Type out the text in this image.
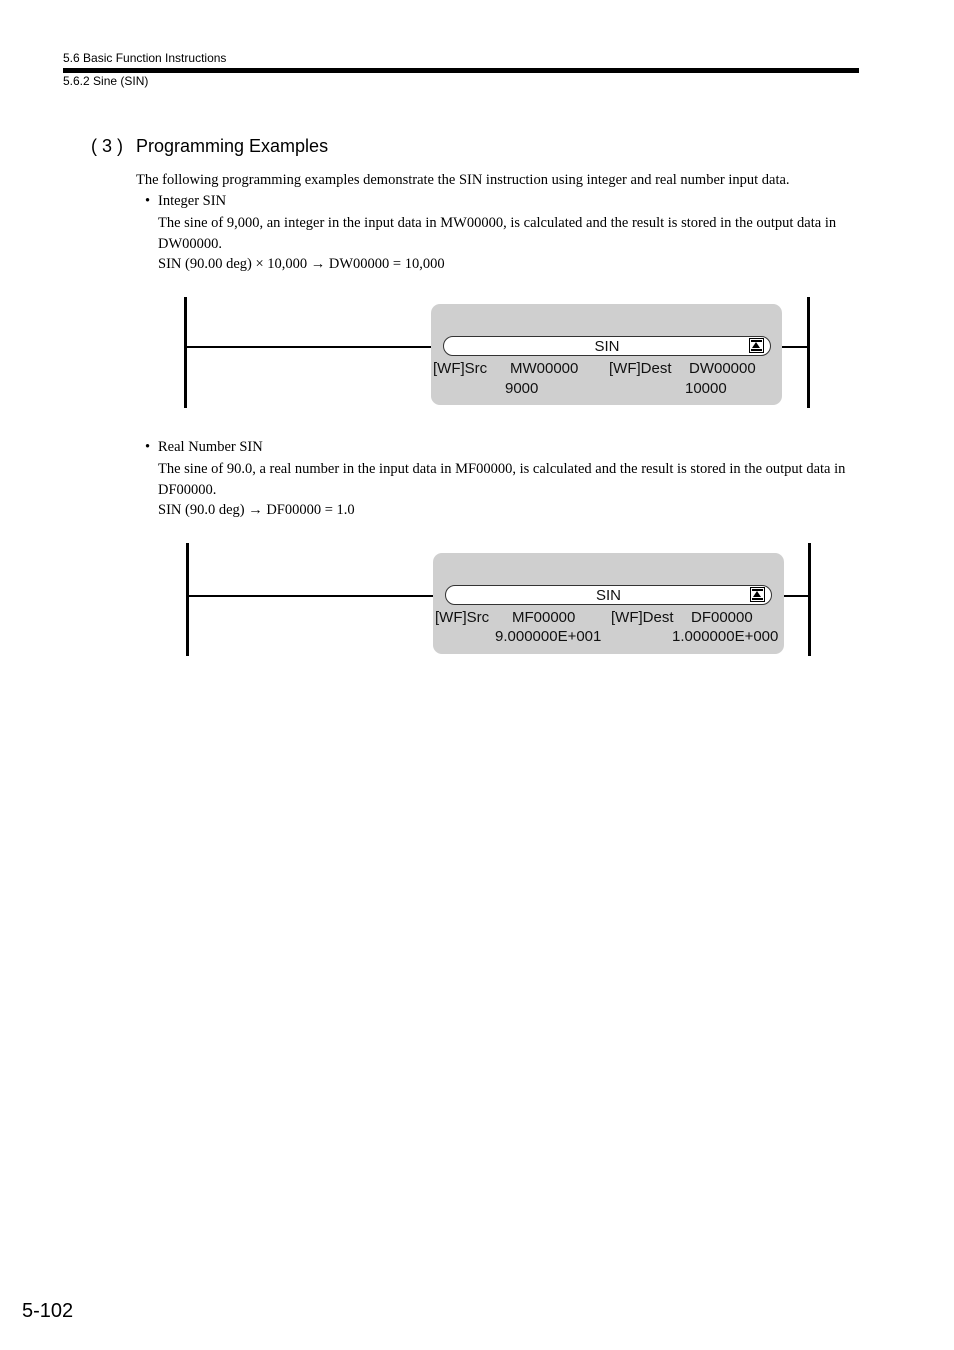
5.6 Basic Function Instructions
5.6.2 Sine (SIN)
( 3 ) Programming Examples
The following programming examples demonstrate the SIN instruction using integer and real number input data.
• Integer SIN
The sine of 9,000, an integer in the input data in MW00000, is calculated and the result is stored in the output data in DW00000.
SIN (90.00 deg) × 10,000 → DW00000 = 10,000
SIN
[WF]Src MW00000 [WF]Dest DW00000
9000	10000
• Real Number SIN
The sine of 90.0, a real number in the input data in MF00000, is calculated and the result is stored in the output data in DF00000.
SIN (90.0 deg) → DF00000 = 1.0
SIN
[WF]Src MF00000 [WF]Dest DF00000
9.000000E+001	1.000000E+000
5-102
